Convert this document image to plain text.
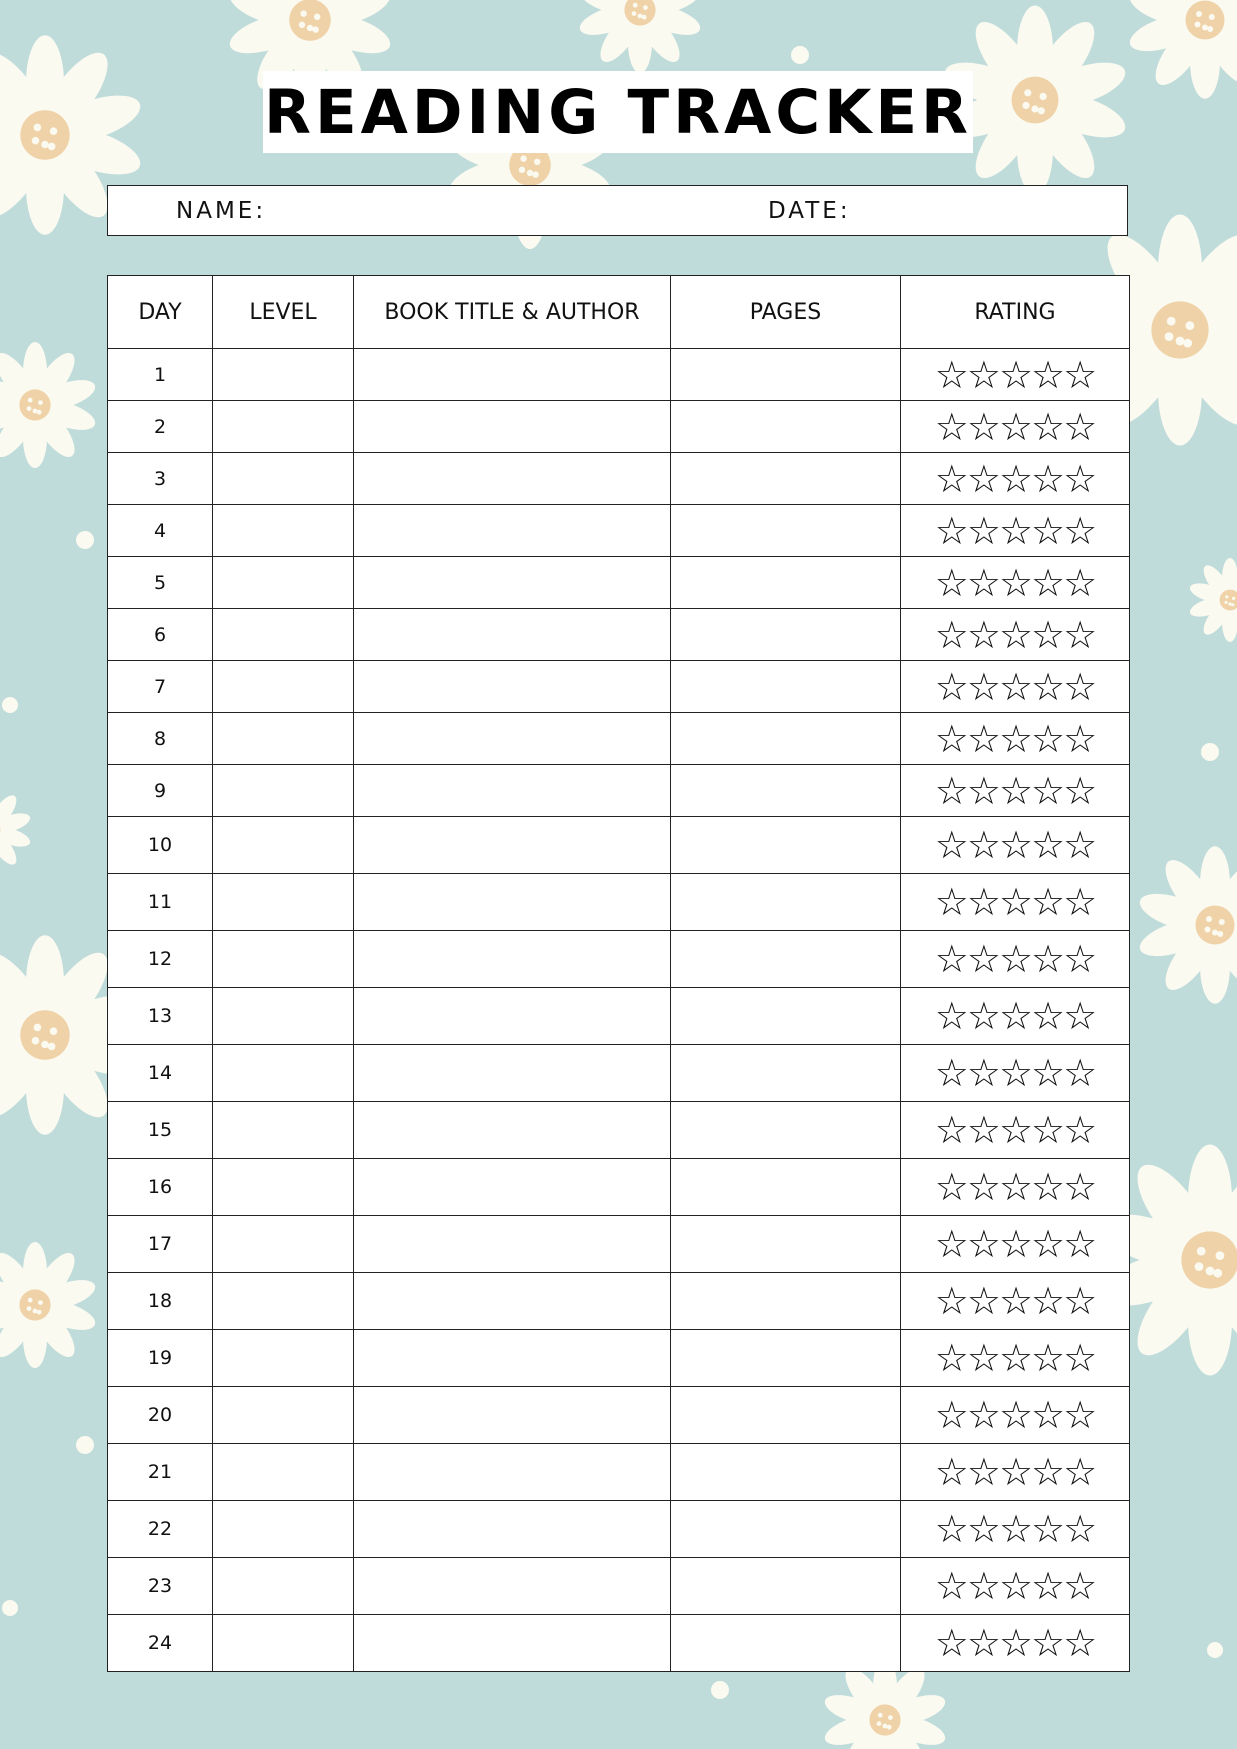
READING TRACKER
NAME:	DATE:
DAY	LEVEL	BOOK TITLE & AUTHOR	PAGES	RATING
1				☆☆☆☆☆
2				☆☆☆☆☆
3				☆☆☆☆☆
4				☆☆☆☆☆
5				☆☆☆☆☆
6				☆☆☆☆☆
7				☆☆☆☆☆
8				☆☆☆☆☆
9				☆☆☆☆☆
10				☆☆☆☆☆
11				☆☆☆☆☆
12				☆☆☆☆☆
13				☆☆☆☆☆
14				☆☆☆☆☆
15				☆☆☆☆☆
16				☆☆☆☆☆
17				☆☆☆☆☆
18				☆☆☆☆☆
19				☆☆☆☆☆
20				☆☆☆☆☆
21				☆☆☆☆☆
22				☆☆☆☆☆
23				☆☆☆☆☆
24				☆☆☆☆☆
